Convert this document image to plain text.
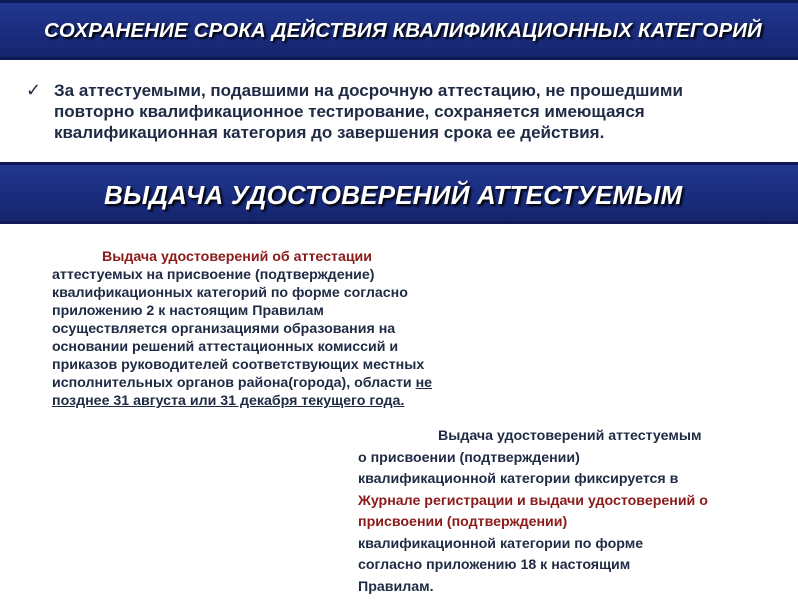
СОХРАНЕНИЕ СРОКА ДЕЙСТВИЯ КВАЛИФИКАЦИОННЫХ КАТЕГОРИЙ
✓ За аттестуемыми, подавшими на досрочную аттестацию, не прошедшими
повторно квалификационное тестирование, сохраняется имеющаяся
квалификационная категория до завершения срока ее действия.
ВЫДАЧА УДОСТОВЕРЕНИЙ АТТЕСТУЕМЫМ
Выдача удостоверений об аттестации
аттестуемых на присвоение (подтверждение)
квалификационных категорий по форме согласно
приложению 2 к настоящим Правилам
осуществляется организациями образования на
основании решений аттестационных комиссий и
приказов руководителей соответствующих местных
исполнительных органов района(города), области не
позднее 31 августа или 31 декабря текущего года.
Выдача удостоверений аттестуемым
о присвоении (подтверждении)
квалификационной категории фиксируется в
Журнале регистрации и выдачи удостоверений о
присвоении (подтверждении)
квалификационной категории по форме
согласно приложению 18 к настоящим
Правилам.
